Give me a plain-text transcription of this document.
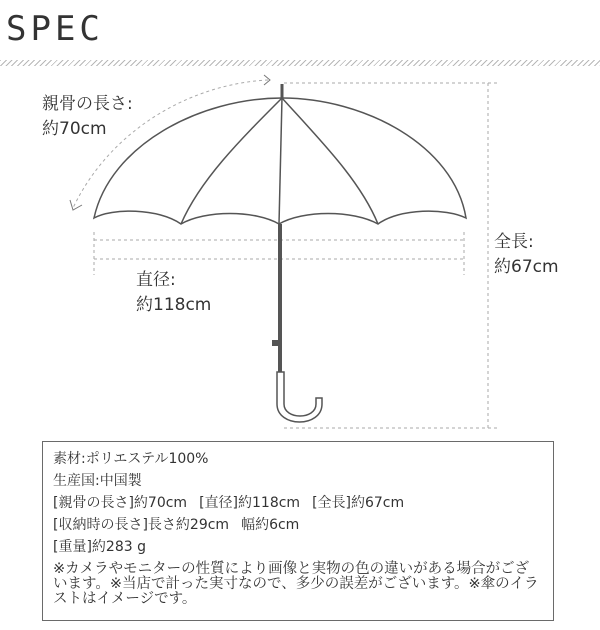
SPEC
親骨の長さ:
約70cm
直径:
約118cm
全長:
約67cm
素材:ポリエステル100%
生産国:中国製
[親骨の長さ]約70cm [直径]約118cm [全長]約67cm
[収納時の長さ]長さ約29cm 幅約6cm
[重量]約283 g
※カメラやモニターの性質により画像と実物の色の違いがある場合がございます。※当店で計った実寸なので、多少の誤差がございます。※傘のイラストはイメージです。
